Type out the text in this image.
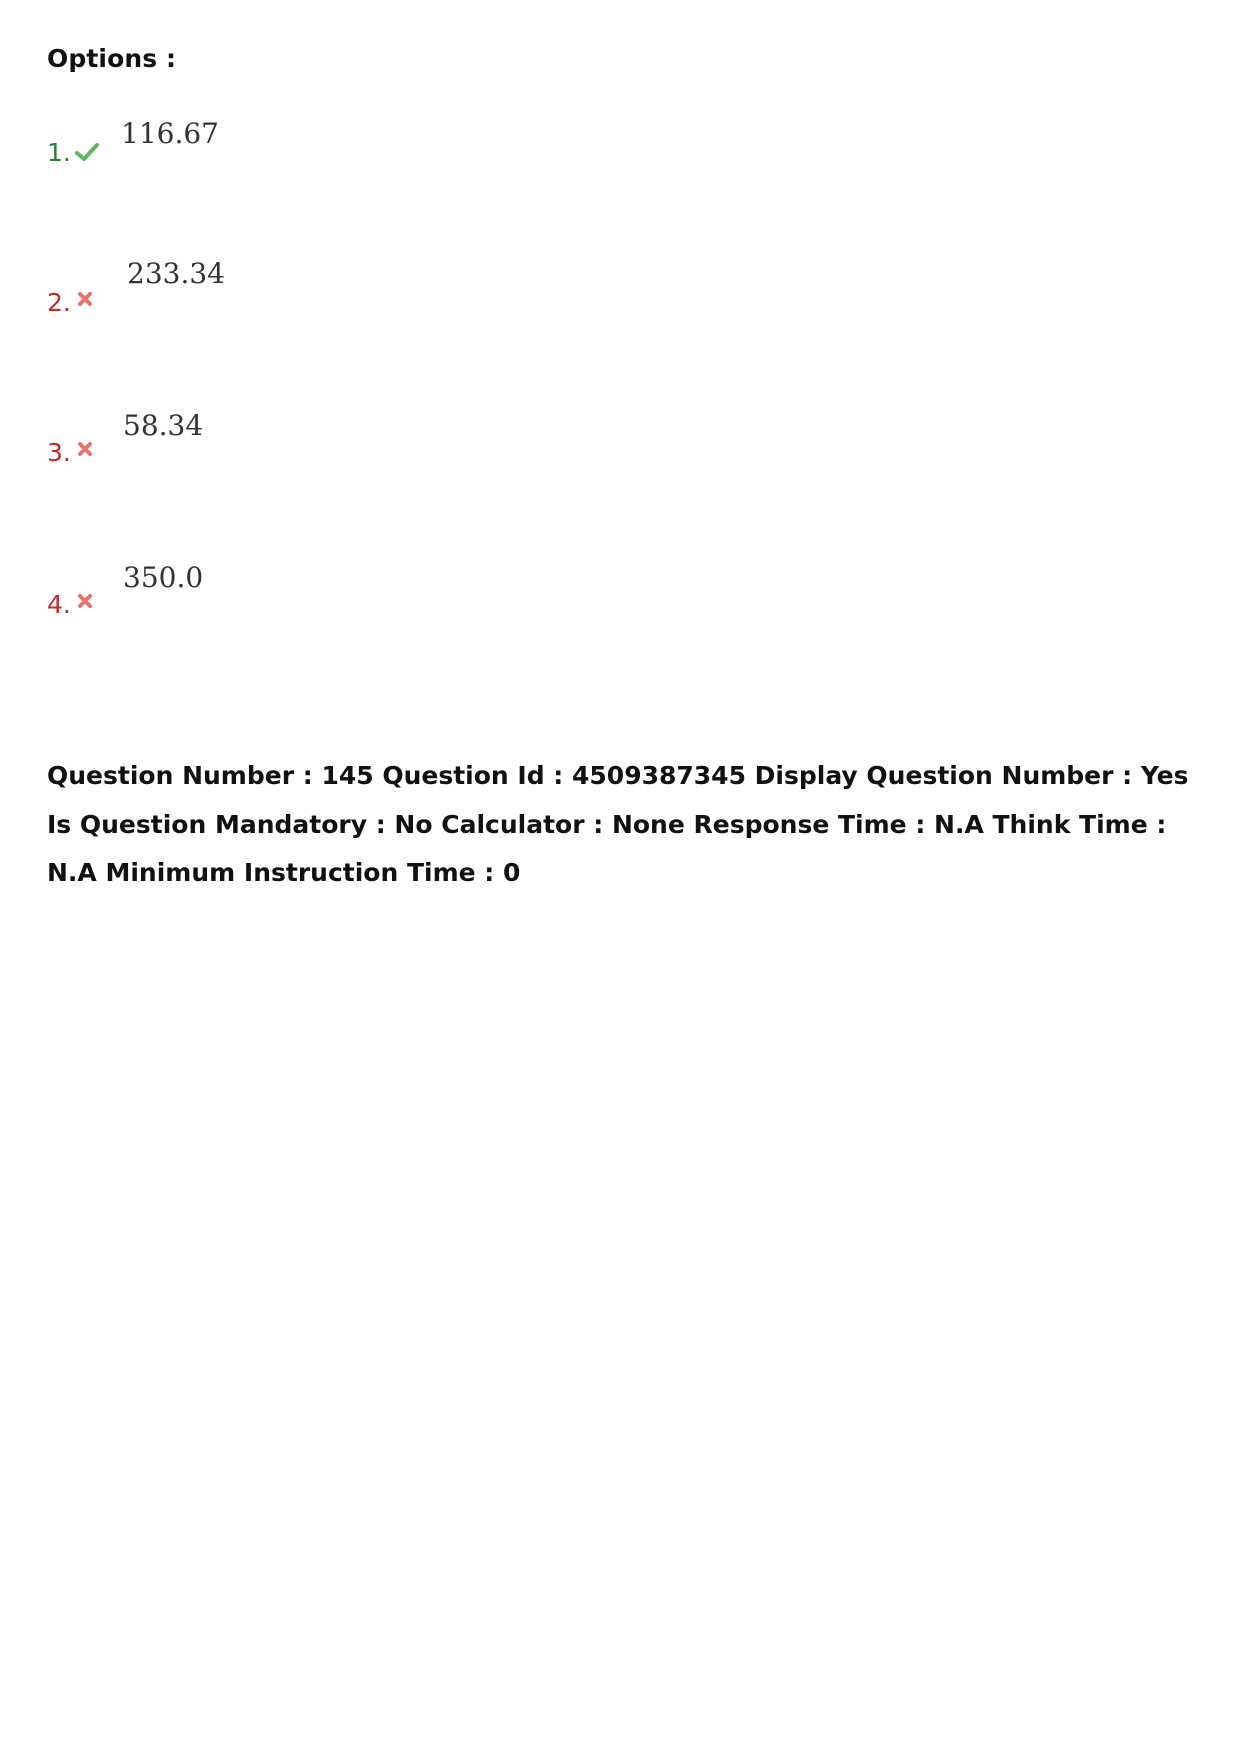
Options :
1.
116.67
2.
233.34
3.
58.34
4.
350.0
Question Number : 145 Question Id : 4509387345 Display Question Number : Yes Is Question Mandatory : No Calculator : None Response Time : N.A Think Time : N.A Minimum Instruction Time : 0
